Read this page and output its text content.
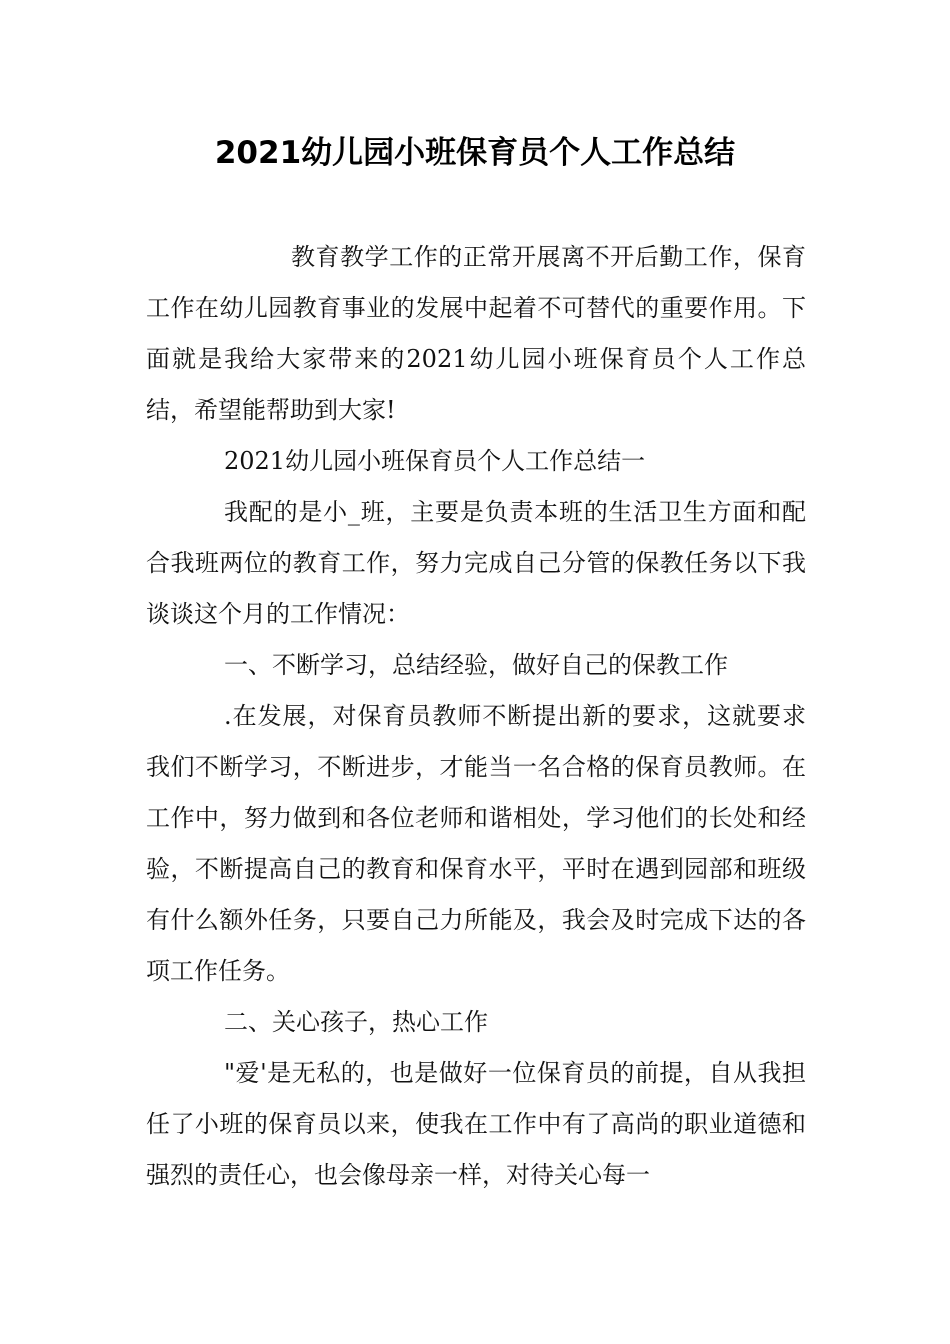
2021幼儿园小班保育员个人工作总结

教育教学工作的正常开展离不开后勤工作，保育工作在幼儿园教育事业的发展中起着不可替代的重要作用。下面就是我给大家带来的2021幼儿园小班保育员个人工作总结，希望能帮助到大家!

2021幼儿园小班保育员个人工作总结一

我配的是小_班，主要是负责本班的生活卫生方面和配合我班两位的教育工作，努力完成自己分管的保教任务以下我谈谈这个月的工作情况：

一、不断学习，总结经验，做好自己的保教工作

.在发展，对保育员教师不断提出新的要求，这就要求我们不断学习，不断进步，才能当一名合格的保育员教师。在工作中，努力做到和各位老师和谐相处，学习他们的长处和经验，不断提高自己的教育和保育水平，平时在遇到园部和班级有什么额外任务，只要自己力所能及，我会及时完成下达的各项工作任务。

二、关心孩子，热心工作

"爱'是无私的，也是做好一位保育员的前提，自从我担任了小班的保育员以来，使我在工作中有了高尚的职业道德和强烈的责任心，也会像母亲一样，对待关心每一
